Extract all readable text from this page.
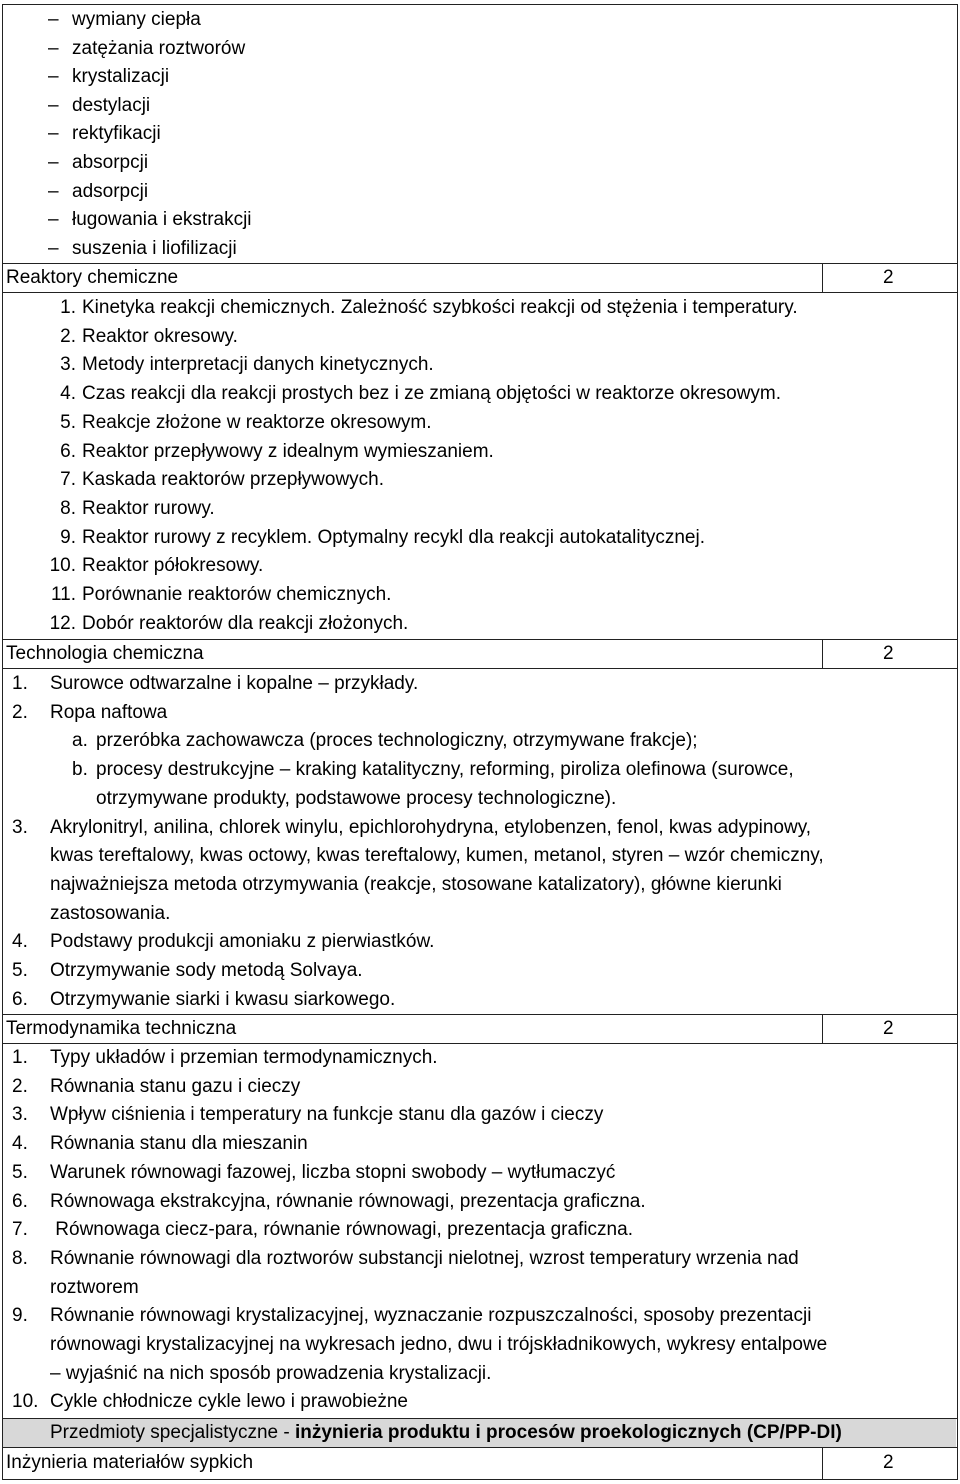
– wymiany ciepła
– zatężania roztworów
– krystalizacji
– destylacji
– rektyfikacji
– absorpcji
– adsorpcji
– ługowania i ekstrakcji
– suszenia i liofilizacji
Reaktory chemiczne	2
1. Kinetyka reakcji chemicznych. Zależność szybkości reakcji od stężenia i temperatury.
2. Reaktor okresowy.
3. Metody interpretacji danych kinetycznych.
4. Czas reakcji dla reakcji prostych bez i ze zmianą objętości w reaktorze okresowym.
5. Reakcje złożone w reaktorze okresowym.
6. Reaktor przepływowy z idealnym wymieszaniem.
7. Kaskada reaktorów przepływowych.
8. Reaktor rurowy.
9. Reaktor rurowy z recyklem. Optymalny recykl dla reakcji autokatalitycznej.
10. Reaktor półokresowy.
11. Porównanie reaktorów chemicznych.
12. Dobór reaktorów dla reakcji złożonych.
Technologia chemiczna	2
1. Surowce odtwarzalne i kopalne – przykłady.
2. Ropa naftowa
a. przeróbka zachowawcza (proces technologiczny, otrzymywane frakcje);
b. procesy destrukcyjne – kraking katalityczny, reforming, piroliza olefinowa (surowce,
otrzymywane produkty, podstawowe procesy technologiczne).
3. Akrylonitryl, anilina, chlorek winylu, epichlorohydryna, etylobenzen, fenol, kwas adypinowy,
kwas tereftalowy, kwas octowy, kwas tereftalowy, kumen, metanol, styren – wzór chemiczny,
najważniejsza metoda otrzymywania (reakcje, stosowane katalizatory), główne kierunki
zastosowania.
4. Podstawy produkcji amoniaku z pierwiastków.
5. Otrzymywanie sody metodą Solvaya.
6. Otrzymywanie siarki i kwasu siarkowego.
Termodynamika techniczna	2
1. Typy układów i przemian termodynamicznych.
2. Równania stanu gazu i cieczy
3. Wpływ ciśnienia i temperatury na funkcje stanu dla gazów i cieczy
4. Równania stanu dla mieszanin
5. Warunek równowagi fazowej, liczba stopni swobody – wytłumaczyć
6. Równowaga ekstrakcyjna, równanie równowagi, prezentacja graficzna.
7. Równowaga ciecz-para, równanie równowagi, prezentacja graficzna.
8. Równanie równowagi dla roztworów substancji nielotnej, wzrost temperatury wrzenia nad
roztworem
9. Równanie równowagi krystalizacyjnej, wyznaczanie rozpuszczalności, sposoby prezentacji
równowagi krystalizacyjnej na wykresach jedno, dwu i trójskładnikowych, wykresy entalpowe
– wyjaśnić na nich sposób prowadzenia krystalizacji.
10. Cykle chłodnicze cykle lewo i prawobieżne
Przedmioty specjalistyczne - inżynieria produktu i procesów proekologicznych (CP/PP-DI)
Inżynieria materiałów sypkich	2
